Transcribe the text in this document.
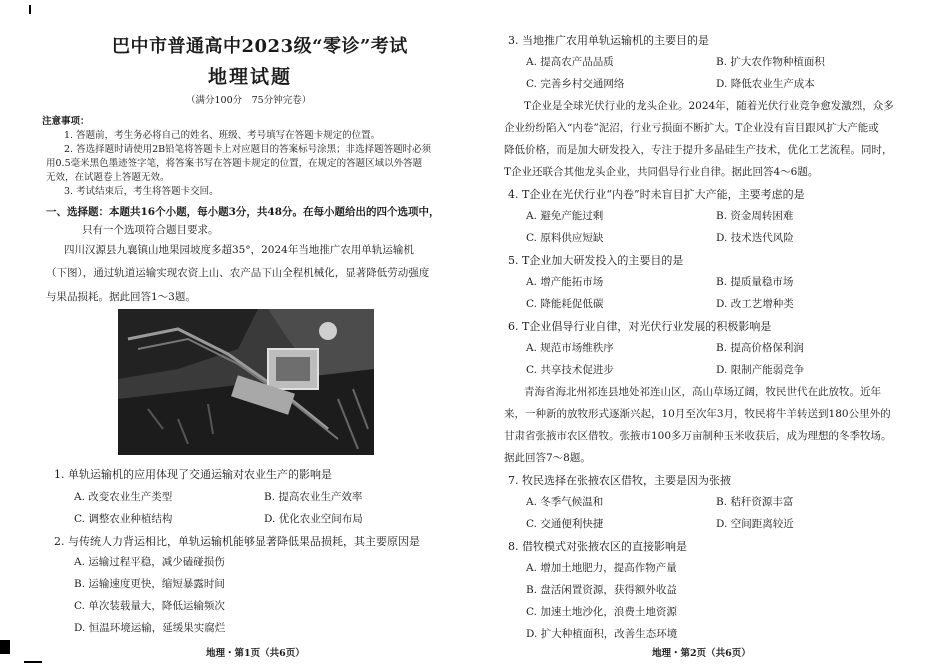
巴中市普通高中2023级“零诊”考试
地理试题
（满分100分　75分钟完卷）
注意事项：
1. 答题前，考生务必将自己的姓名、班级、考号填写在答题卡规定的位置。
2. 答选择题时请使用2B铅笔将答题卡上对应题目的答案标号涂黑；非选择题答题时必须
用0.5毫米黑色墨迹签字笔，将答案书写在答题卡规定的位置，在规定的答题区域以外答题
无效，在试题卷上答题无效。
3. 考试结束后，考生将答题卡交回。
一、选择题：本题共16个小题，每小题3分，共48分。在每小题给出的四个选项中，
只有一个选项符合题目要求。
四川汉源县九襄镇山地果园坡度多超35°，2024年当地推广农用单轨运输机
（下图），通过轨道运输实现农资上山、农产品下山全程机械化，显著降低劳动强度
与果品损耗。据此回答1～3题。
1. 单轨运输机的应用体现了交通运输对农业生产的影响是
A. 改变农业生产类型	B. 提高农业生产效率
C. 调整农业种植结构	D. 优化农业空间布局
2. 与传统人力背运相比，单轨运输机能够显著降低果品损耗，其主要原因是
A. 运输过程平稳，减少磕碰损伤
B. 运输速度更快，缩短暴露时间
C. 单次装载量大，降低运输频次
D. 恒温环境运输，延缓果实腐烂
地理・第1页（共6页）
3. 当地推广农用单轨运输机的主要目的是
A. 提高农产品品质	B. 扩大农作物种植面积
C. 完善乡村交通网络	D. 降低农业生产成本
T企业是全球光伏行业的龙头企业。2024年，随着光伏行业竞争愈发激烈，众多
企业纷纷陷入“内卷”泥沼，行业亏损面不断扩大。T企业没有盲目跟风扩大产能或
降低价格，而是加大研发投入，专注于提升多晶硅生产技术，优化工艺流程。同时，
T企业还联合其他龙头企业，共同倡导行业自律。据此回答4～6题。
4. T企业在光伏行业“内卷”时未盲目扩大产能，主要考虑的是
A. 避免产能过剩	B. 资金周转困难
C. 原料供应短缺	D. 技术迭代风险
5. T企业加大研发投入的主要目的是
A. 增产能拓市场	B. 提质量稳市场
C. 降能耗促低碳	D. 改工艺增种类
6. T企业倡导行业自律，对光伏行业发展的积极影响是
A. 规范市场维秩序	B. 提高价格保利润
C. 共享技术促进步	D. 限制产能弱竞争
青海省海北州祁连县地处祁连山区，高山草场辽阔，牧民世代在此放牧。近年
来，一种新的放牧形式逐渐兴起，10月至次年3月，牧民将牛羊转送到180公里外的
甘肃省张掖市农区借牧。张掖市100多万亩制种玉米收获后，成为理想的冬季牧场。
据此回答7～8题。
7. 牧民选择在张掖农区借牧，主要是因为张掖
A. 冬季气候温和	B. 秸秆资源丰富
C. 交通便利快捷	D. 空间距离较近
8. 借牧模式对张掖农区的直接影响是
A. 增加土地肥力，提高作物产量
B. 盘活闲置资源，获得额外收益
C. 加速土地沙化，浪费土地资源
D. 扩大种植面积，改善生态环境
地理・第2页（共6页）
